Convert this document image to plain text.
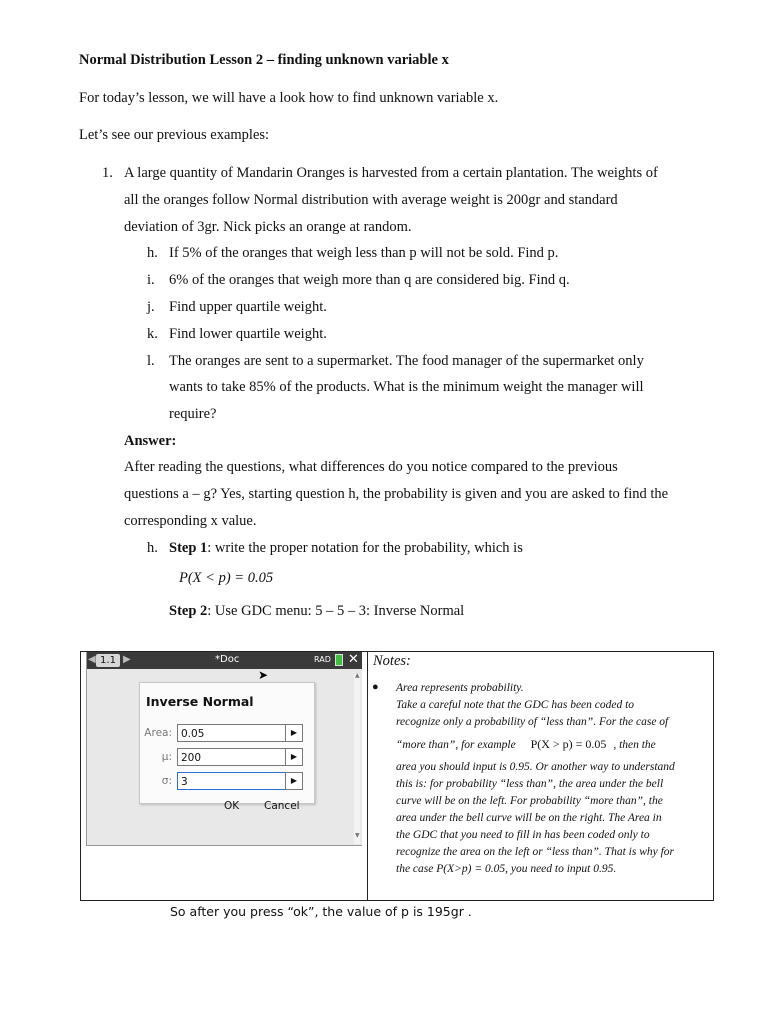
Normal Distribution Lesson 2 – finding unknown variable x
For today’s lesson, we will have a look how to find unknown variable x.
Let’s see our previous examples:
1. A large quantity of Mandarin Oranges is harvested from a certain plantation. The weights of
all the oranges follow Normal distribution with average weight is 200gr and standard
deviation of 3gr. Nick picks an orange at random.
h. If 5% of the oranges that weigh less than p will not be sold. Find p.
i. 6% of the oranges that weigh more than q are considered big. Find q.
j. Find upper quartile weight.
k. Find lower quartile weight.
l. The oranges are sent to a supermarket. The food manager of the supermarket only
wants to take 85% of the products. What is the minimum weight the manager will
require?
Answer:
After reading the questions, what differences do you notice compared to the previous
questions a – g? Yes, starting question h, the probability is given and you are asked to find the
corresponding x value.
h. Step 1: write the proper notation for the probability, which is
P(X < p) = 0.05
Step 2: Use GDC menu: 5 – 5 – 3: Inverse Normal
◀ 1.1 ▶	*Doc	RAD ✕
▲
▼
➤
Inverse Normal
Area: 0.05	▶
μ: 200	▶
σ: 3	▶
OK Cancel
Notes:
● Area represents probability.
Take a careful note that the GDC has been coded to
recognize only a probability of “less than”. For the case of
“more than”, for example P(X > p) = 0.05 , then the
area you should input is 0.95. Or another way to understand
this is: for probability “less than”, the area under the bell
curve will be on the left. For probability “more than”, the
area under the bell curve will be on the right. The Area in
the GDC that you need to fill in has been coded only to
recognize the area on the left or “less than”. That is why for
the case P(X>p) = 0.05, you need to input 0.95.
So after you press “ok”, the value of p is 195gr .
